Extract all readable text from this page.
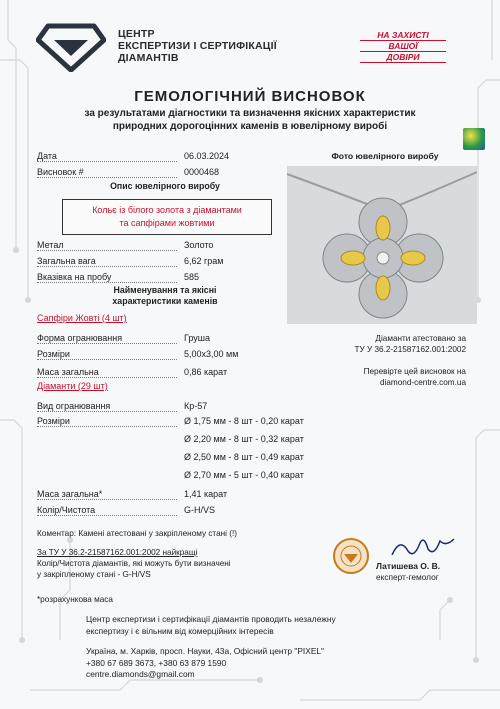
ЦЕНТР
ЕКСПЕРТИЗИ І СЕРТИФІКАЦІЇ
ДІАМАНТІВ
НА ЗАХИСТІ
ВАШОЇ
ДОВІРИ
ГЕМОЛОГІЧНИЙ ВИСНОВОК
за результатами діагностики та визначення якісних характеристик
природних дорогоцінних каменів в ювелірному виробі
Дата	06.03.2024
Висновок #	0000468
Опис ювелірного виробу
Кольє із білого золота з діамантами
та сапфірами жовтими
Метал	Золото
Загальна вага	6,62 грам
Вказівка на пробу	585
Найменування та якісні
характеристики каменів
Сапфіри Жовті (4 шт)
Форма огранювання	Груша
Розміри	5,00x3,00 мм
Маса загальна	0,86 карат
Діаманти (29 шт)
Вид огранювання	Кр-57
Розміри	Ø 1,75 мм - 8 шт - 0,20 карат
Ø 2,20 мм - 8 шт - 0,32 карат
Ø 2,50 мм - 8 шт - 0,49 карат
Ø 2,70 мм - 5 шт - 0,40 карат
Маса загальна*	1,41 карат
Колір/Чистота	G-H/VS
Фото ювелірного виробу
Діаманти атестовано за
ТУ У 36.2-21587162.001:2002
Перевірте цей висновок на
diamond-centre.com.ua
Коментар: Камені атестовані у закріпленому стані (!)
За ТУ У 36.2-21587162.001:2002 найкращі
Колір/Чистота діамантів, які можуть бути визначені
у закріпленому стані - G-H/VS
Латишева О. В.
експерт-гемолог
*розрахункова маса
Центр експертизи і сертифікації діамантів проводить незалежну
експертизу і є вільним від комерційних інтересів
Україна, м. Харків, просп. Науки, 43а, Офісний центр "PIXEL"
+380 67 689 3673, +380 63 879 1590
centre.diamonds@gmail.com
